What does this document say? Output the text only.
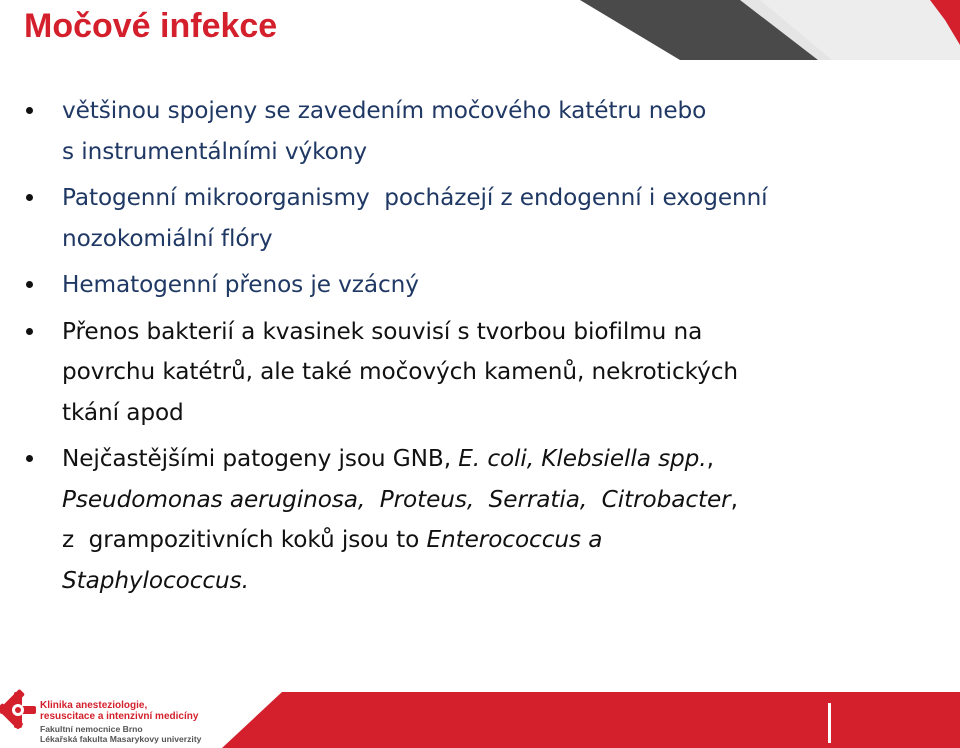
Močové infekce
většinou spojeny se zavedením močového katétru nebo
s instrumentálními výkony
Patogenní mikroorganismy  pocházejí z endogenní i exogenní
nozokomiální flóry
Hematogenní přenos je vzácný
Přenos bakterií a kvasinek souvisí s tvorbou biofilmu na
povrchu katétrů, ale také močových kamenů, nekrotických
tkání apod
Nejčastějšími patogeny jsou GNB, E. coli, Klebsiella spp.,
Pseudomonas aeruginosa,  Proteus,  Serratia,  Citrobacter,
z  grampozitivních koků jsou to Enterococcus a
Staphylococcus.
Klinika anesteziologie,
resuscitace a intenzivní medicíny
Fakultní nemocnice Brno
Lékařská fakulta Masarykovy univerzity
